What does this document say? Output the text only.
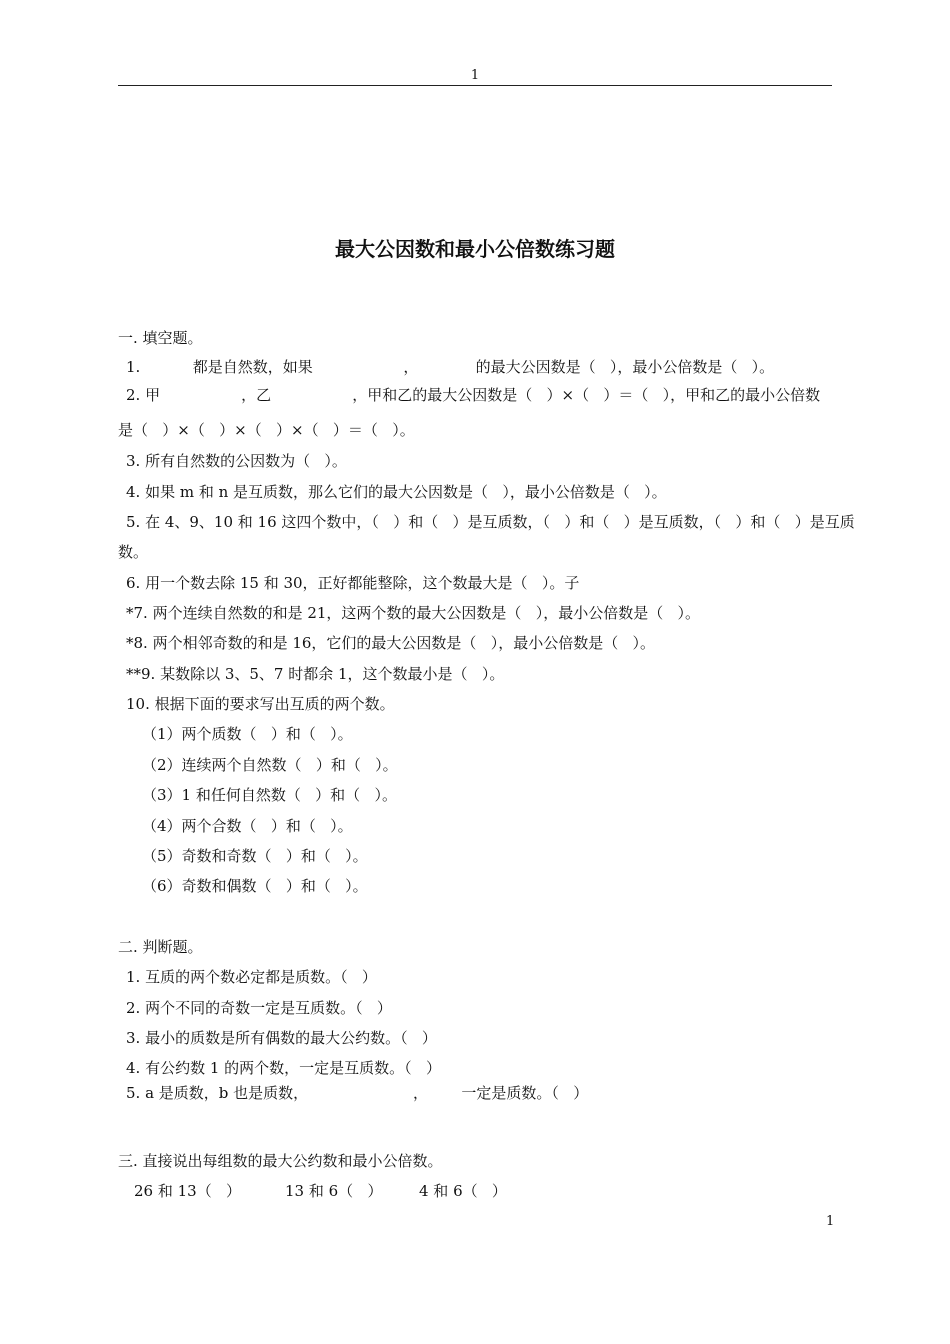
1
最大公因数和最小公倍数练习题
一. 填空题。
1.           都是自然数，如果                   ，            的最大公因数是（   ），最小公倍数是（   ）。
2. 甲                 ，乙                 ，甲和乙的最大公因数是（   ）×（   ）＝（   ），甲和乙的最小公倍数
是（   ）×（   ）×（   ）×（   ）＝（   ）。
3. 所有自然数的公因数为（   ）。
4. 如果 m 和 n 是互质数，那么它们的最大公因数是（   ），最小公倍数是（   ）。
5. 在 4、9、10 和 16 这四个数中，（   ）和（   ）是互质数，（   ）和（   ）是互质数，（   ）和（   ）是互质
数。
6. 用一个数去除 15 和 30，正好都能整除，这个数最大是（   ）。子
*7. 两个连续自然数的和是 21，这两个数的最大公因数是（   ），最小公倍数是（   ）。
*8. 两个相邻奇数的和是 16，它们的最大公因数是（   ），最小公倍数是（   ）。
**9. 某数除以 3、5、7 时都余 1，这个数最小是（   ）。
10. 根据下面的要求写出互质的两个数。
（1）两个质数（   ）和（   ）。
（2）连续两个自然数（   ）和（   ）。
（3）1 和任何自然数（   ）和（   ）。
（4）两个合数（   ）和（   ）。
（5）奇数和奇数（   ）和（   ）。
（6）奇数和偶数（   ）和（   ）。
二. 判断题。
1. 互质的两个数必定都是质数。（   ）
2. 两个不同的奇数一定是互质数。（   ）
3. 最小的质数是所有偶数的最大公约数。（   ）
4. 有公约数 1 的两个数，一定是互质数。（   ）
5. a 是质数，b 也是质数，                      ，       一定是质数。（   ）
三. 直接说出每组数的最大公约数和最小公倍数。
26 和 13（   ）	13 和 6（   ） 4 和 6（   ）
1
